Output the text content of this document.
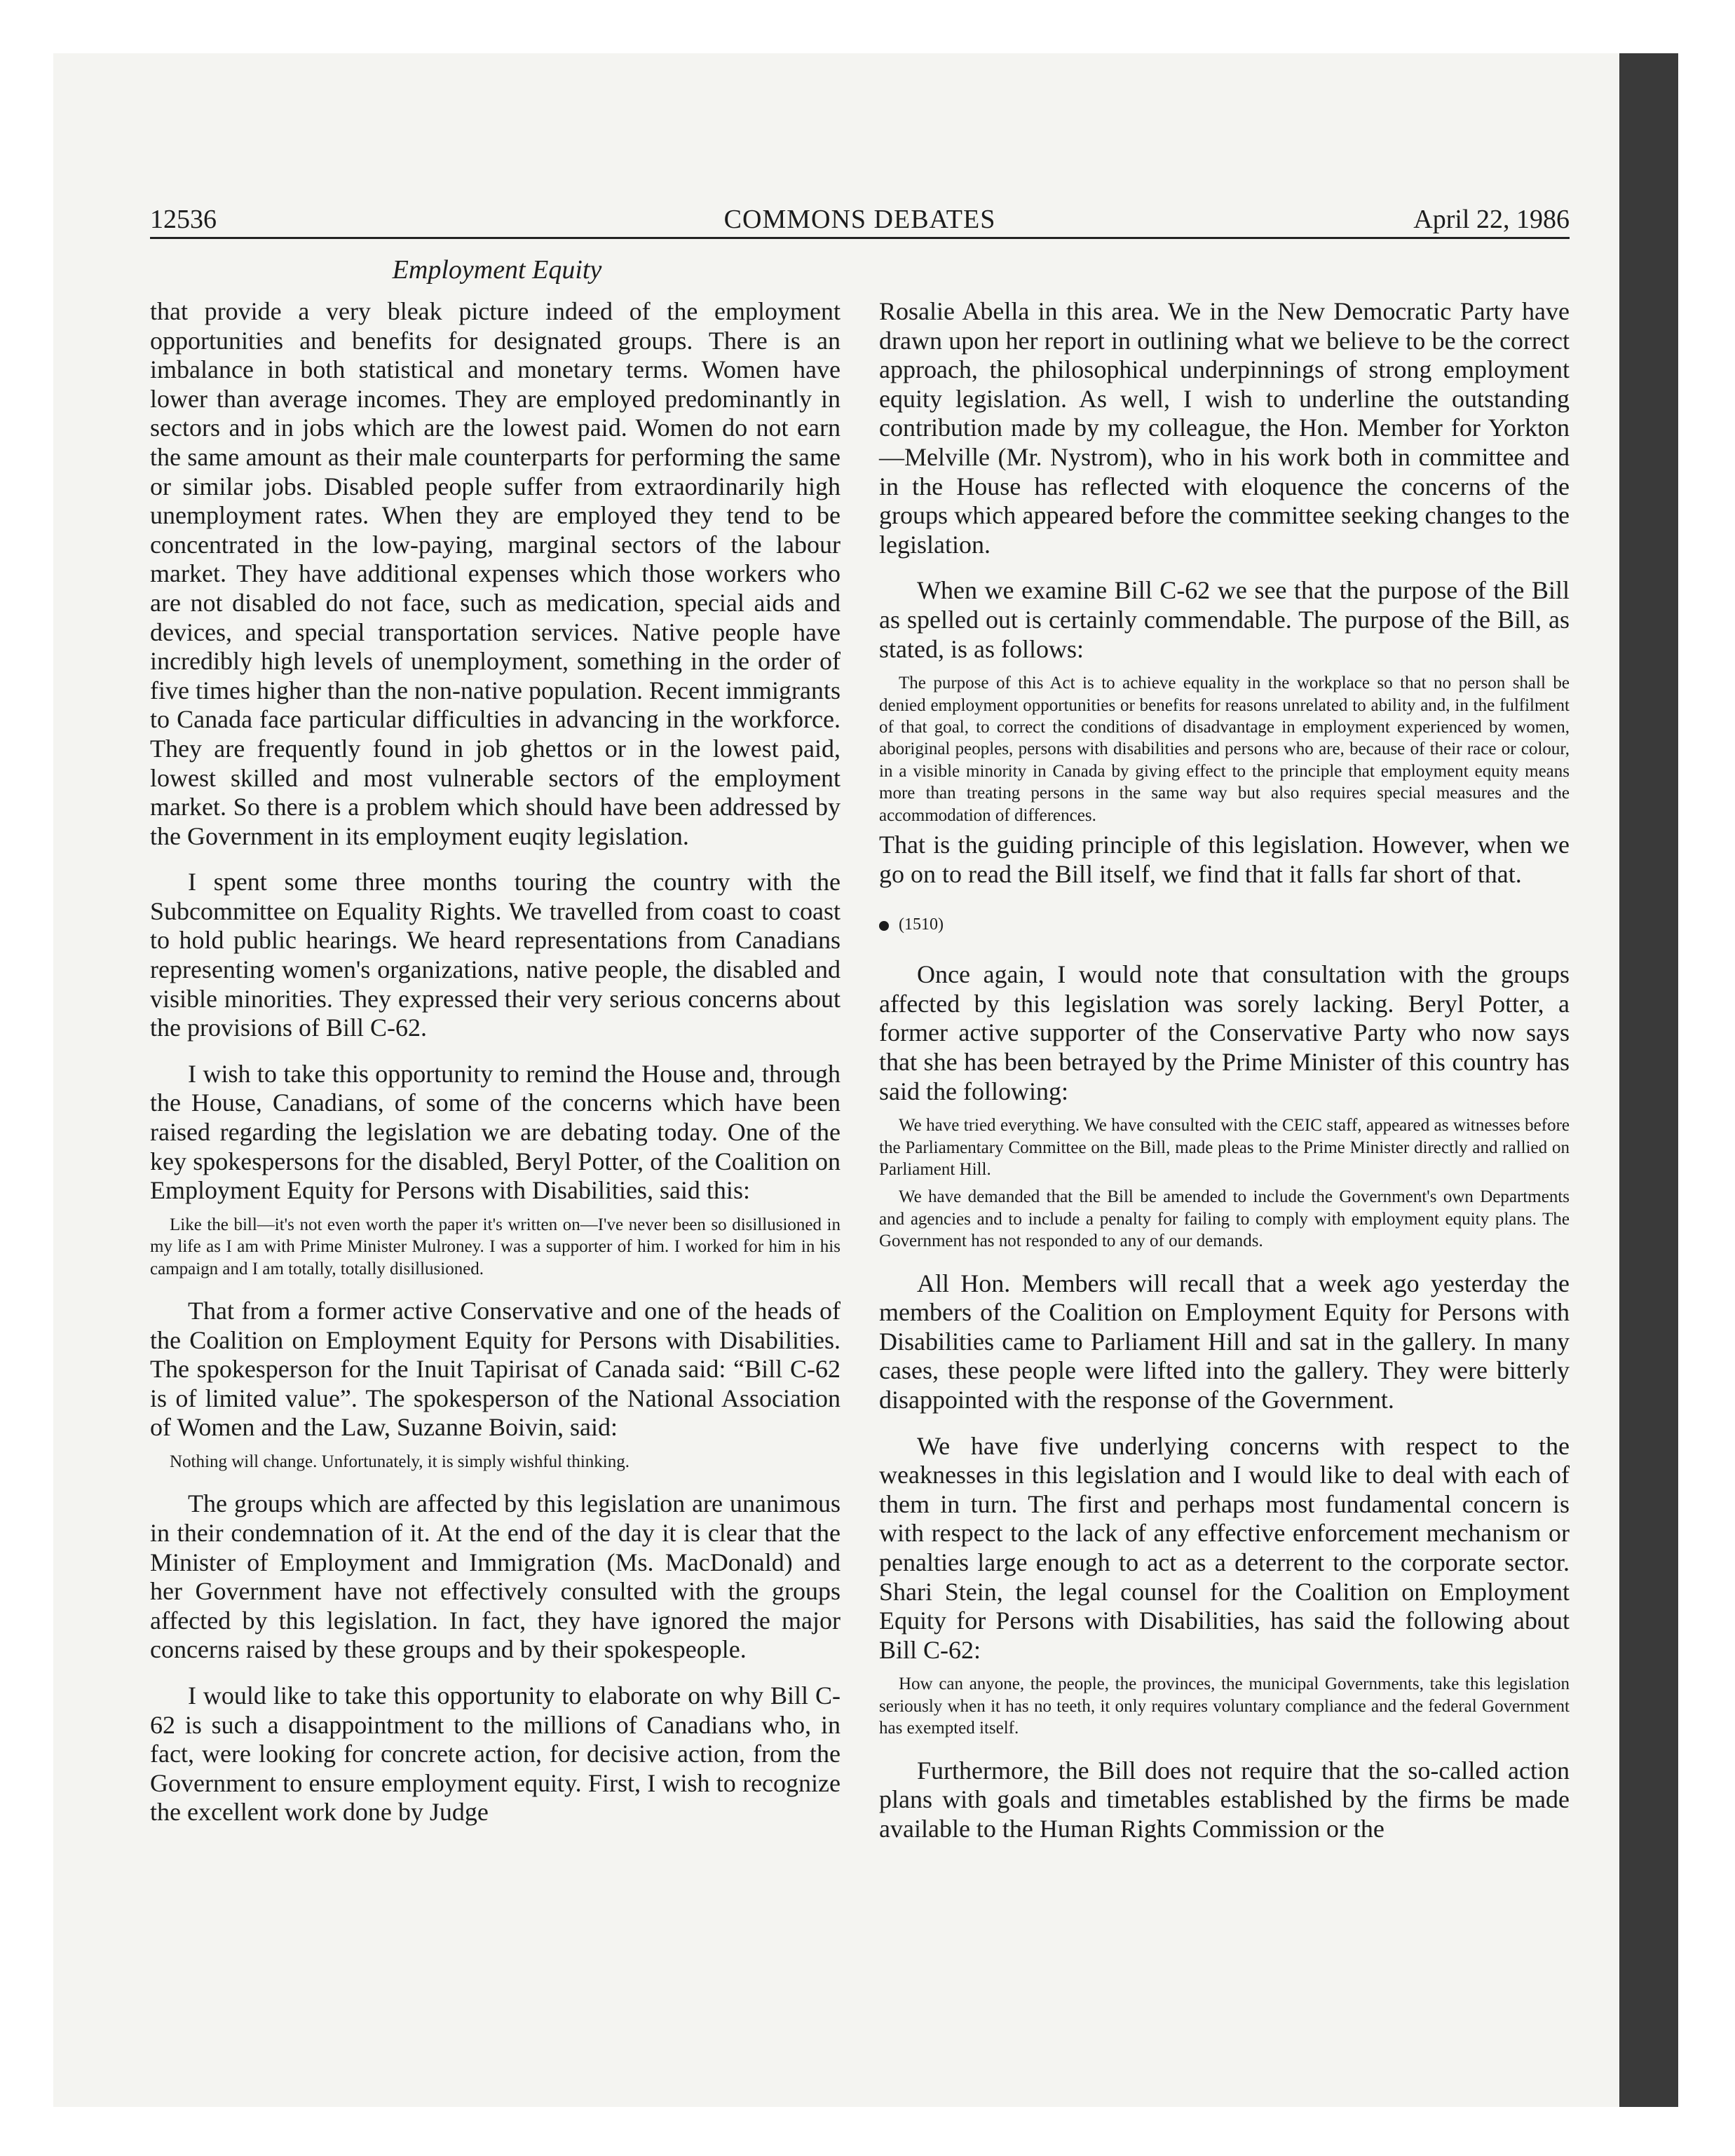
12536	COMMONS DEBATES	April 22, 1986
Employment Equity

that provide a very bleak picture indeed of the employment opportunities and benefits for designated groups. There is an imbalance in both statistical and monetary terms. Women have lower than average incomes. They are employed predominantly in sectors and in jobs which are the lowest paid. Women do not earn the same amount as their male counterparts for performing the same or similar jobs. Disabled people suffer from extraordinarily high unemployment rates. When they are employed they tend to be concentrated in the low-paying, marginal sectors of the labour market. They have additional expenses which those workers who are not disabled do not face, such as medication, special aids and devices, and special transportation services. Native people have incredibly high levels of unemployment, something in the order of five times higher than the non-native population. Recent immigrants to Canada face particular difficulties in advancing in the workforce. They are frequently found in job ghettos or in the lowest paid, lowest skilled and most vulnerable sectors of the employment market. So there is a problem which should have been addressed by the Government in its employment euqity legislation.

I spent some three months touring the country with the Subcommittee on Equality Rights. We travelled from coast to coast to hold public hearings. We heard representations from Canadians representing women's organizations, native people, the disabled and visible minorities. They expressed their very serious concerns about the provisions of Bill C-62.

I wish to take this opportunity to remind the House and, through the House, Canadians, of some of the concerns which have been raised regarding the legislation we are debating today. One of the key spokespersons for the disabled, Beryl Potter, of the Coalition on Employment Equity for Persons with Disabilities, said this:

Like the bill—it's not even worth the paper it's written on—I've never been so disillusioned in my life as I am with Prime Minister Mulroney. I was a supporter of him. I worked for him in his campaign and I am totally, totally disillusioned.

That from a former active Conservative and one of the heads of the Coalition on Employment Equity for Persons with Disabilities. The spokesperson for the Inuit Tapirisat of Canada said: “Bill C-62 is of limited value”. The spokesperson of the National Association of Women and the Law, Suzanne Boivin, said:

Nothing will change. Unfortunately, it is simply wishful thinking.

The groups which are affected by this legislation are unanimous in their condemnation of it. At the end of the day it is clear that the Minister of Employment and Immigration (Ms. MacDonald) and her Government have not effectively consulted with the groups affected by this legislation. In fact, they have ignored the major concerns raised by these groups and by their spokespeople.

I would like to take this opportunity to elaborate on why Bill C-62 is such a disappointment to the millions of Canadians who, in fact, were looking for concrete action, for decisive action, from the Government to ensure employment equity. First, I wish to recognize the excellent work done by Judge

Rosalie Abella in this area. We in the New Democratic Party have drawn upon her report in outlining what we believe to be the correct approach, the philosophical underpinnings of strong employment equity legislation. As well, I wish to underline the outstanding contribution made by my colleague, the Hon. Member for Yorkton—Melville (Mr. Nystrom), who in his work both in committee and in the House has reflected with eloquence the concerns of the groups which appeared before the committee seeking changes to the legislation.

When we examine Bill C-62 we see that the purpose of the Bill as spelled out is certainly commendable. The purpose of the Bill, as stated, is as follows:

The purpose of this Act is to achieve equality in the workplace so that no person shall be denied employment opportunities or benefits for reasons unrelated to ability and, in the fulfilment of that goal, to correct the conditions of disadvantage in employment experienced by women, aboriginal peoples, persons with disabilities and persons who are, because of their race or colour, in a visible minority in Canada by giving effect to the principle that employment equity means more than treating persons in the same way but also requires special measures and the accommodation of differences.

That is the guiding principle of this legislation. However, when we go on to read the Bill itself, we find that it falls far short of that.

(1510)

Once again, I would note that consultation with the groups affected by this legislation was sorely lacking. Beryl Potter, a former active supporter of the Conservative Party who now says that she has been betrayed by the Prime Minister of this country has said the following:

We have tried everything. We have consulted with the CEIC staff, appeared as witnesses before the Parliamentary Committee on the Bill, made pleas to the Prime Minister directly and rallied on Parliament Hill.

We have demanded that the Bill be amended to include the Government's own Departments and agencies and to include a penalty for failing to comply with employment equity plans. The Government has not responded to any of our demands.

All Hon. Members will recall that a week ago yesterday the members of the Coalition on Employment Equity for Persons with Disabilities came to Parliament Hill and sat in the gallery. In many cases, these people were lifted into the gallery. They were bitterly disappointed with the response of the Government.

We have five underlying concerns with respect to the weaknesses in this legislation and I would like to deal with each of them in turn. The first and perhaps most fundamental concern is with respect to the lack of any effective enforcement mechanism or penalties large enough to act as a deterrent to the corporate sector. Shari Stein, the legal counsel for the Coalition on Employment Equity for Persons with Disabilities, has said the following about Bill C-62:

How can anyone, the people, the provinces, the municipal Governments, take this legislation seriously when it has no teeth, it only requires voluntary compliance and the federal Government has exempted itself.

Furthermore, the Bill does not require that the so-called action plans with goals and timetables established by the firms be made available to the Human Rights Commission or the
